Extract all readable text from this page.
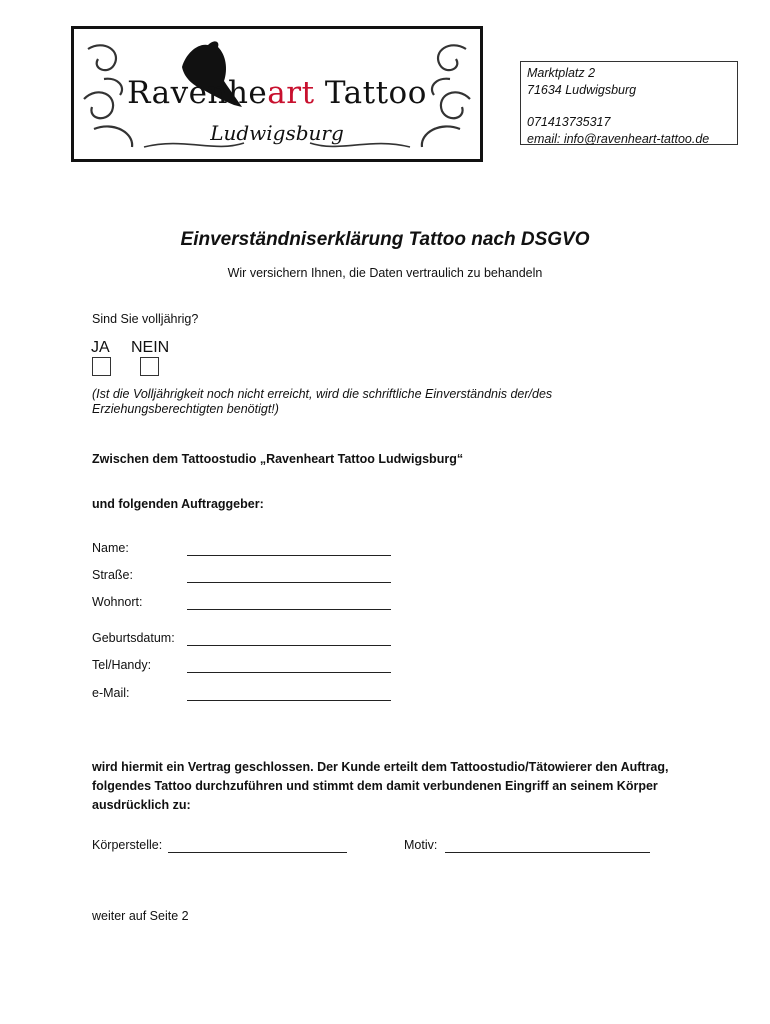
Ravenheart Tattoo
Ludwigsburg
Marktplatz 2
71634 Ludwigsburg
071413735317
email: info@ravenheart-tattoo.de
Einverständniserklärung Tattoo nach DSGVO
Wir versichern Ihnen, die Daten vertraulich zu behandeln
Sind Sie volljährig?
JA NEIN
(Ist die Volljährigkeit noch nicht erreicht, wird die schriftliche Einverständnis der/des Erziehungsberechtigten benötigt!)
Zwischen dem Tattoostudio „Ravenheart Tattoo Ludwigsburg“
und folgenden Auftraggeber:
Name:
Straße:
Wohnort:
Geburtsdatum:
Tel/Handy:
e-Mail:
wird hiermit ein Vertrag geschlossen. Der Kunde erteilt dem Tattoostudio/Tätowierer den Auftrag, folgendes Tattoo durchzuführen und stimmt dem damit verbundenen Eingriff an seinem Körper ausdrücklich zu:
Körperstelle:	Motiv:
weiter auf Seite 2
